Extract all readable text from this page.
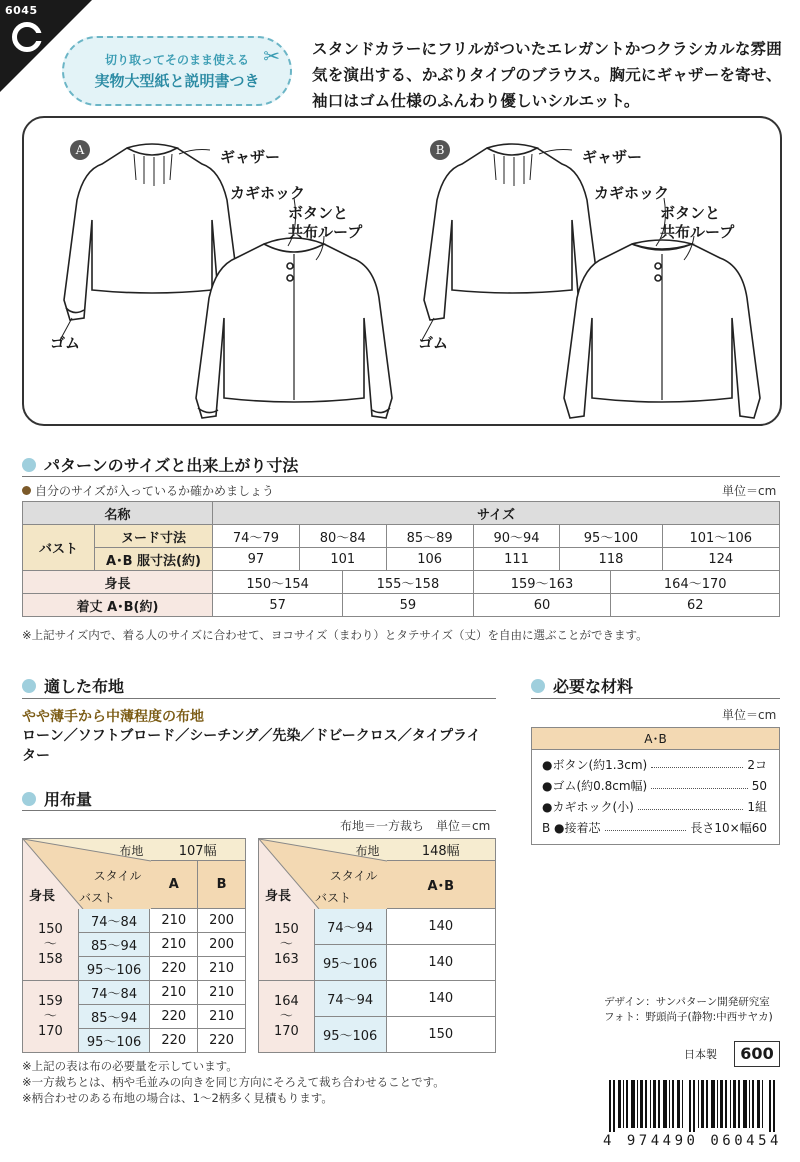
6045
切り取ってそのまま使える
実物大型紙と説明書つき
✂ スタンドカラーにフリルがついたエレガントかつクラシカルな雰囲気を演出する、かぶりタイプのブラウス。胸元にギャザーを寄せ、袖口はゴム仕様のふんわり優しいシルエット。
A	ギャザー
カギホック
ボタンと
共布ループ
ゴム
B	ギャザー
カギホック
ボタンと
共布ループ
ゴム
パターンのサイズと出来上がり寸法
自分のサイズが入っているか確かめましょう	単位＝cm
名称		サイズ							
バスト	ヌード寸法	74〜79	80〜84		85〜89	90〜94	95〜100		101〜106
	A･B 服寸法(約)	97	101		106	111	118		124
身長		150〜154		155〜158		159〜163		164〜170	
着丈 A･B(約)		57		59		60		62	
※上記サイズ内で、着る人のサイズに合わせて、ヨコサイズ（まわり）とタテサイズ（丈）を自由に選ぶことができます。
適した布地
やや薄手から中薄程度の布地
ローン／ソフトブロード／シーチング／先染／ドビークロス／タイプライター
必要な材料
単位＝cm
A･B
●ボタン(約1.3cm)	2コ
●ゴム(約0.8cm幅)	50
●カギホック(小)	1組
B ●接着芯	長さ10×幅60
用布量
布地＝一方裁ち　単位＝cm
布地
スタイル
身長 バスト		107幅	
		A	B
150
〜
158	74〜84	210	200
	85〜94	210	200
	95〜106	220	210
159
〜
170	74〜84	210	210
	85〜94	220	210
	95〜106	220	220
布地
スタイル
身長 バスト		148幅
		A･B
150
〜
163	74〜94	140
	95〜106	140
164
〜
170	74〜94	140
	95〜106	150
※上記の表は布の必要量を示しています。
※一方裁ちとは、柄や毛並みの向きを同じ方向にそろえて裁ち合わせることです。
※柄合わせのある布地の場合は、1〜2柄多く見積もります。
デザイン：サンパターン開発研究室
フォト：野頭尚子(静物:中西サヤカ)
日本製	600
4 974490 060454
